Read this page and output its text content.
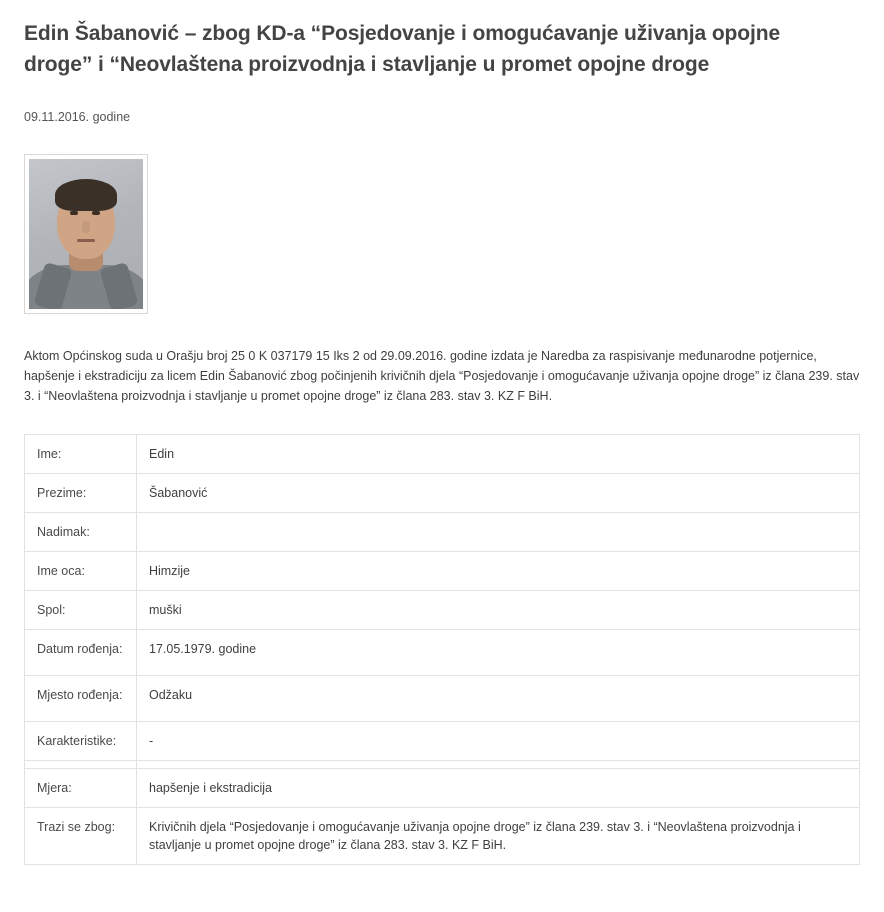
Edin Šabanović – zbog KD-a “Posjedovanje i omogućavanje uživanja opojne droge” i “Neovlaštena proizvodnja i stavljanje u promet opojne droge
09.11.2016. godine

Aktom Općinskog suda u Orašju broj 25 0 K 037179 15 Iks 2 od 29.09.2016. godine izdata je Naredba za raspisivanje međunarodne potjernice, hapšenje i ekstradiciju za licem Edin Šabanović zbog počinjenih krivičnih djela “Posjedovanje i omogućavanje uživanja opojne droge” iz člana 239. stav 3. i “Neovlaštena proizvodnja i stavljanje u promet opojne droge” iz člana 283. stav 3. KZ F BiH.

Ime:	Edin
Prezime:	Šabanović
Nadimak:	
Ime oca:	Himzije
Spol:	muški
Datum rođenja:	17.05.1979. godine
Mjesto rođenja:	Odžaku
Karakteristike:	-

Mjera:	hapšenje i ekstradicija
Trazi se zbog:	Krivičnih djela “Posjedovanje i omogućavanje uživanja opojne droge” iz člana 239. stav 3. i “Neovlaštena proizvodnja i stavljanje u promet opojne droge” iz člana 283. stav 3. KZ F BiH.
